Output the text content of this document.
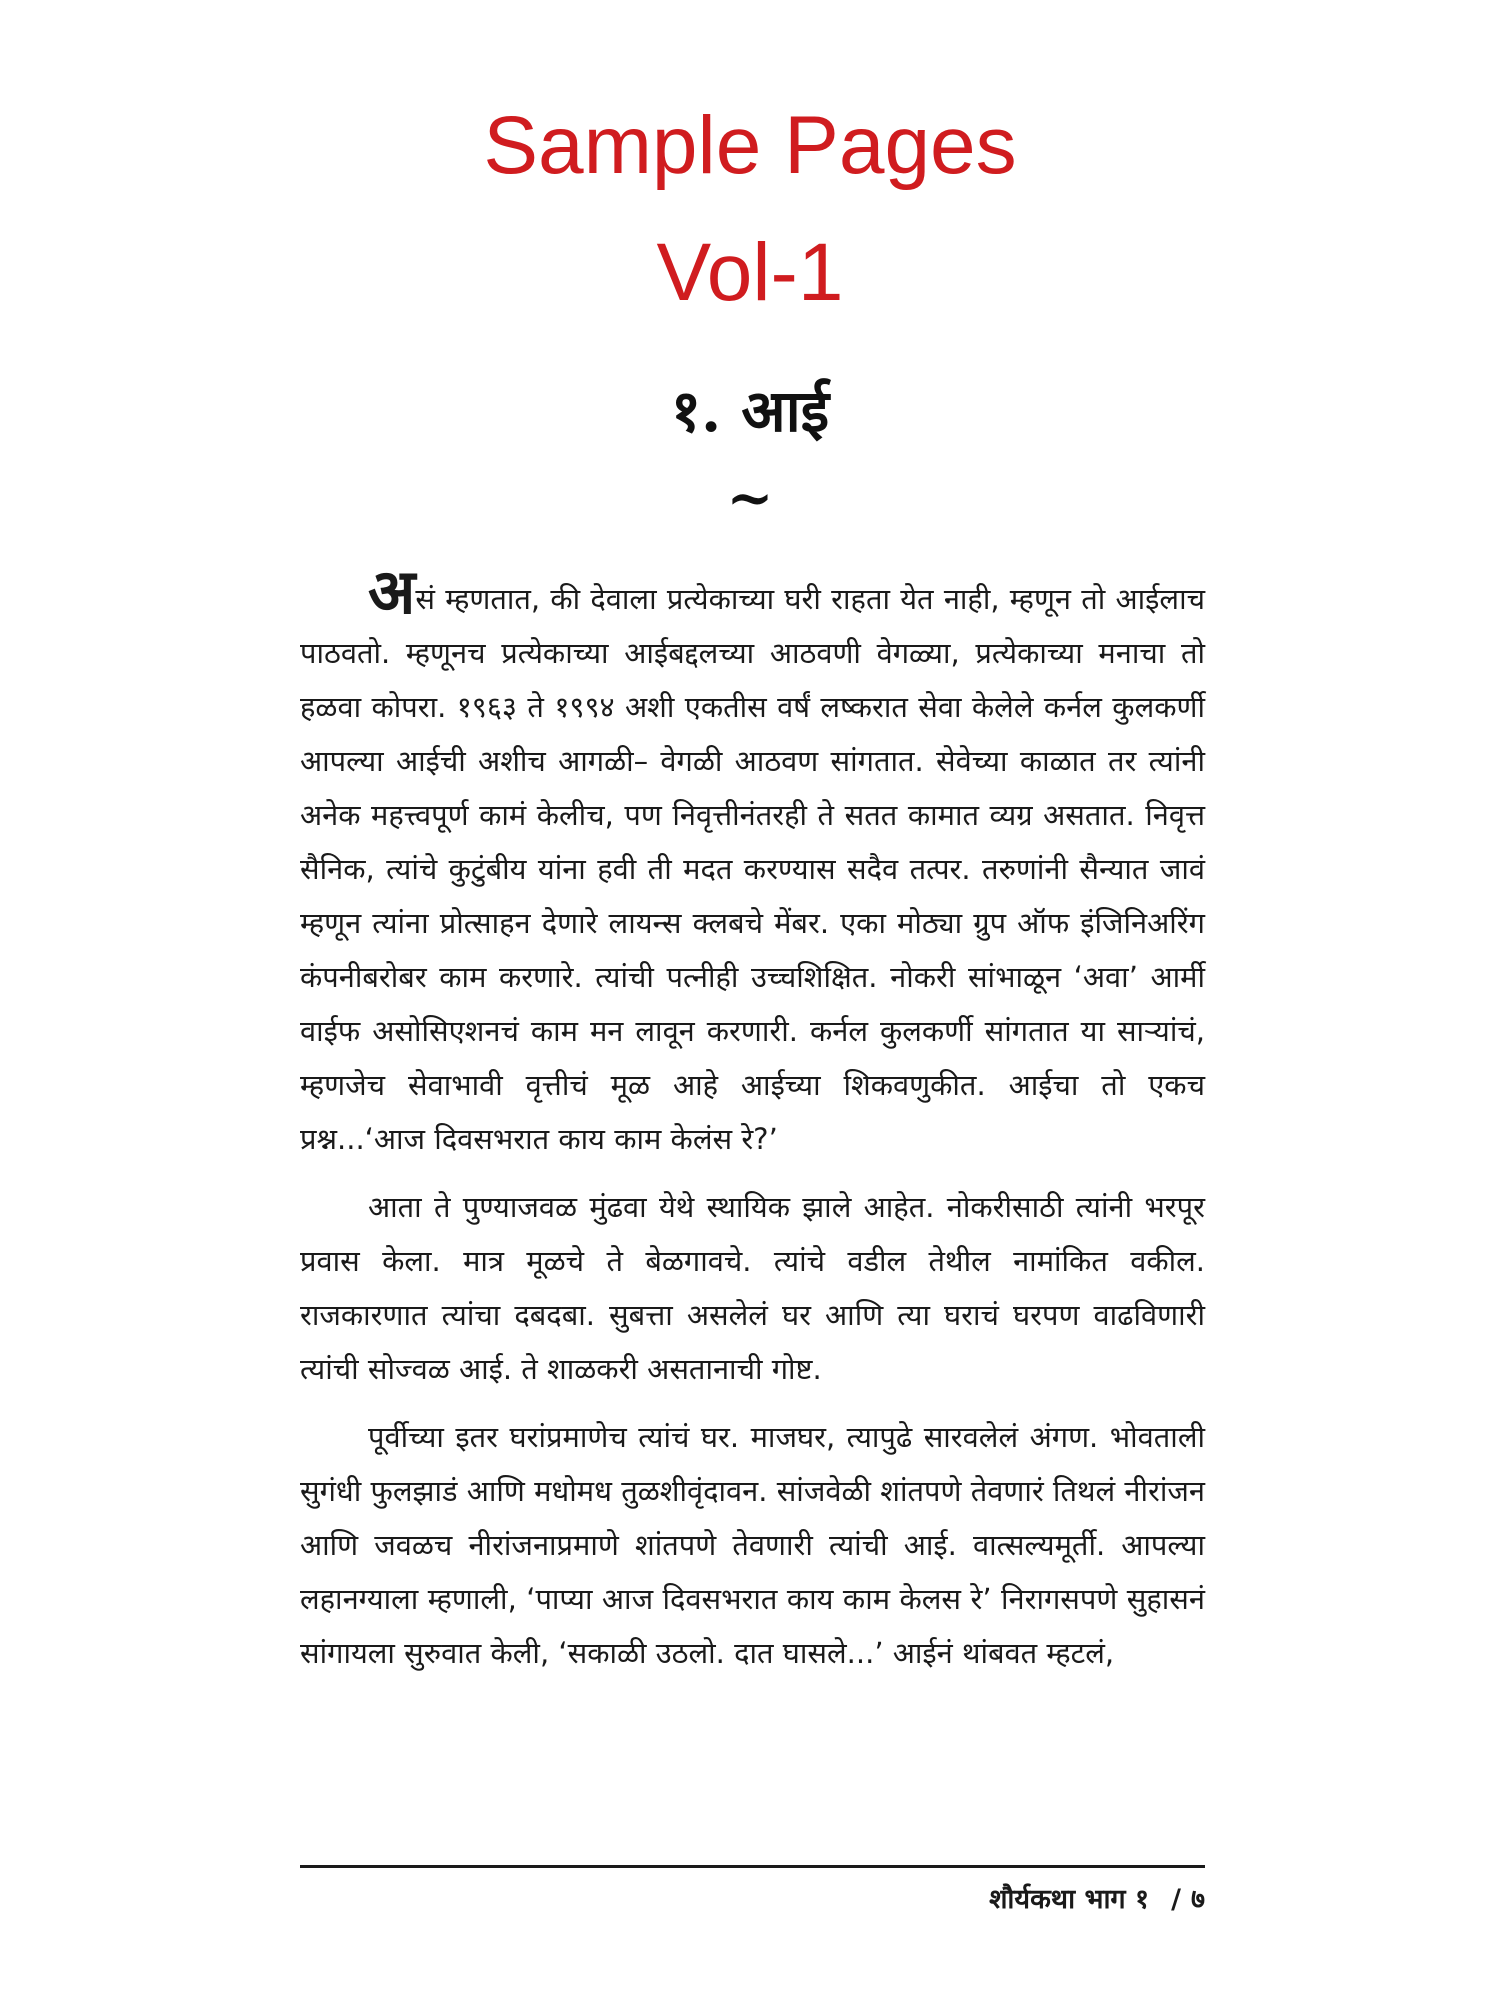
Sample Pages
Vol-1
१. आई
~

असं म्हणतात, की देवाला प्रत्येकाच्या घरी राहता येत नाही, म्हणून तो आईलाच पाठवतो. म्हणूनच प्रत्येकाच्या आईबद्दलच्या आठवणी वेगळ्या, प्रत्येकाच्या मनाचा तो हळवा कोपरा. १९६३ ते १९९४ अशी एकतीस वर्षं लष्करात सेवा केलेले कर्नल कुलकर्णी आपल्या आईची अशीच आगळी– वेगळी आठवण सांगतात. सेवेच्या काळात तर त्यांनी अनेक महत्त्वपूर्ण कामं केलीच, पण निवृत्तीनंतरही ते सतत कामात व्यग्र असतात. निवृत्त सैनिक, त्यांचे कुटुंबीय यांना हवी ती मदत करण्यास सदैव तत्पर. तरुणांनी सैन्यात जावं म्हणून त्यांना प्रोत्साहन देणारे लायन्स क्लबचे मेंबर. एका मोठ्या ग्रुप ऑफ इंजिनिअरिंग कंपनीबरोबर काम करणारे. त्यांची पत्नीही उच्चशिक्षित. नोकरी सांभाळून ‘अवा’ आर्मी वाईफ असोसिएशनचं काम मन लावून करणारी. कर्नल कुलकर्णी सांगतात या साऱ्यांचं, म्हणजेच सेवाभावी वृत्तीचं मूळ आहे आईच्या शिकवणुकीत. आईचा तो एकच प्रश्न...‘आज दिवसभरात काय काम केलंस रे?’

आता ते पुण्याजवळ मुंढवा येथे स्थायिक झाले आहेत. नोकरीसाठी त्यांनी भरपूर प्रवास केला. मात्र मूळचे ते बेळगावचे. त्यांचे वडील तेथील नामांकित वकील. राजकारणात त्यांचा दबदबा. सुबत्ता असलेलं घर आणि त्या घराचं घरपण वाढविणारी त्यांची सोज्वळ आई. ते शाळकरी असतानाची गोष्ट.

पूर्वीच्या इतर घरांप्रमाणेच त्यांचं घर. माजघर, त्यापुढे सारवलेलं अंगण. भोवताली सुगंधी फुलझाडं आणि मधोमध तुळशीवृंदावन. सांजवेळी शांतपणे तेवणारं तिथलं नीरांजन आणि जवळच नीरांजनाप्रमाणे शांतपणे तेवणारी त्यांची आई. वात्सल्यमूर्ती. आपल्या लहानग्याला म्हणाली, ‘पाप्या आज दिवसभरात काय काम केलस रे’ निरागसपणे सुहासनं सांगायला सुरुवात केली, ‘सकाळी उठलो. दात घासले...’ आईनं थांबवत म्हटलं,

शौर्यकथा भाग १ / ७
